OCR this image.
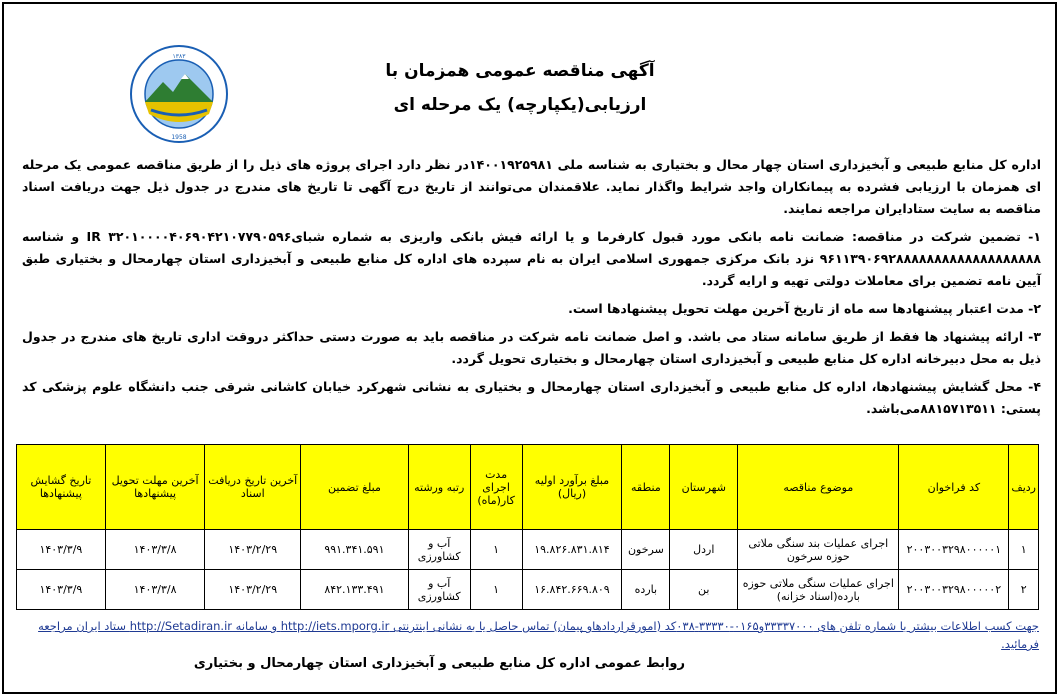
آگهی مناقصه عمومی همزمان با
ارزیابی(یکپارچه) یک مرحله ای
۱۳۸۳
1958

اداره کل منابع طبیعی و آبخیزداری استان چهار محال و بختیاری به شناسه ملی ۱۴۰۰۱۹۲۵۹۸۱در نظر دارد اجرای پروژه های ذیل را از طریق مناقصه عمومی یک مرحله ای همزمان با ارزیابی فشرده به پیمانکاران واجد شرایط واگذار نماید. علاقمندان می‌توانند از تاریخ درج آگهی تا تاریخ های مندرج در جدول ذیل جهت دریافت اسناد مناقصه به سایت ستادایران مراجعه نمایند.

۱- تضمین شرکت در مناقصه: ضمانت نامه بانکی مورد قبول کارفرما و یا ارائه فیش بانکی واریزی به شماره شبایIR ۳۲۰۱۰۰۰۰۴۰۶۹۰۴۲۱۰۷۷۹۰۵۹۶ و شناسه ۹۶۱۱۳۹۰۶۹۲۸۸۸۸۸۸۸۸۸۸۸۸۸۸۸۸۸۸۸ نزد بانک مرکزی جمهوری اسلامی ایران به نام سپرده های اداره کل منابع طبیعی و آبخیزداری استان چهارمحال و بختیاری طبق آیین نامه تضمین برای معاملات دولتی تهیه و ارایه گردد.

۲- مدت اعتبار پیشنهادها سه ماه از تاریخ آخرین مهلت تحویل پیشنهادها است.

۳- ارائه پیشنهاد ها فقط از طریق سامانه ستاد می باشد. و اصل ضمانت نامه شرکت در مناقصه باید به صورت دستی حداکثر دروقت اداری تاریخ های مندرج در جدول ذیل به محل دبیرخانه اداره کل منابع طبیعی و آبخیزداری استان چهارمحال و بختیاری تحویل گردد.

۴- محل گشایش پیشنهادها، اداره کل منابع طبیعی و آبخیزداری استان چهارمحال و بختیاری به نشانی شهرکرد خیابان کاشانی شرقی جنب دانشگاه علوم پزشکی کد پستی: ۸۸۱۵۷۱۳۵۱۱می‌باشد.

ردیف	کد فراخوان	موضوع مناقصه	شهرستان	منطقه	مبلغ برآورد اولیه (ریال)	مدت اجرای کار(ماه)	رتبه ورشته	مبلغ تضمین	آخرین تاریخ دریافت اسناد	آخرین مهلت تحویل پیشنهادها	تاریخ گشایش پیشنهادها
۱	۲۰۰۳۰۰۳۲۹۸۰۰۰۰۰۱	اجرای عملیات بند سنگی ملاتی حوزه سرخون	اردل	سرخون	۱۹.۸۲۶.۸۳۱.۸۱۴	۱	آب و کشاورزی	۹۹۱.۳۴۱.۵۹۱	۱۴۰۳/۲/۲۹	۱۴۰۳/۳/۸	۱۴۰۳/۳/۹
۲	۲۰۰۳۰۰۳۲۹۸۰۰۰۰۰۲	اجرای عملیات سنگی ملاتی حوزه بارده(اسناد خزانه)	بن	بارده	۱۶.۸۴۲.۶۶۹.۸۰۹	۱	آب و کشاورزی	۸۴۲.۱۳۳.۴۹۱	۱۴۰۳/۲/۲۹	۱۴۰۳/۳/۸	۱۴۰۳/۳/۹
جهت کسب اطلاعات بیشتر با شماره تلفن های ۳۳۳۳۷۰۰۰و۰۱۶۵-۳۳۳۳۰-۰۳۸کد (امورقراردادهاو پیمان) تماس حاصل یا به نشانی اینترنتی http://iets.mporg.ir و سامانه http://Setadiran.ir ستاد ایران مراجعه فرمائید.
روابط عمومی اداره کل منابع طبیعی و آبخیزداری استان چهارمحال و بختیاری
